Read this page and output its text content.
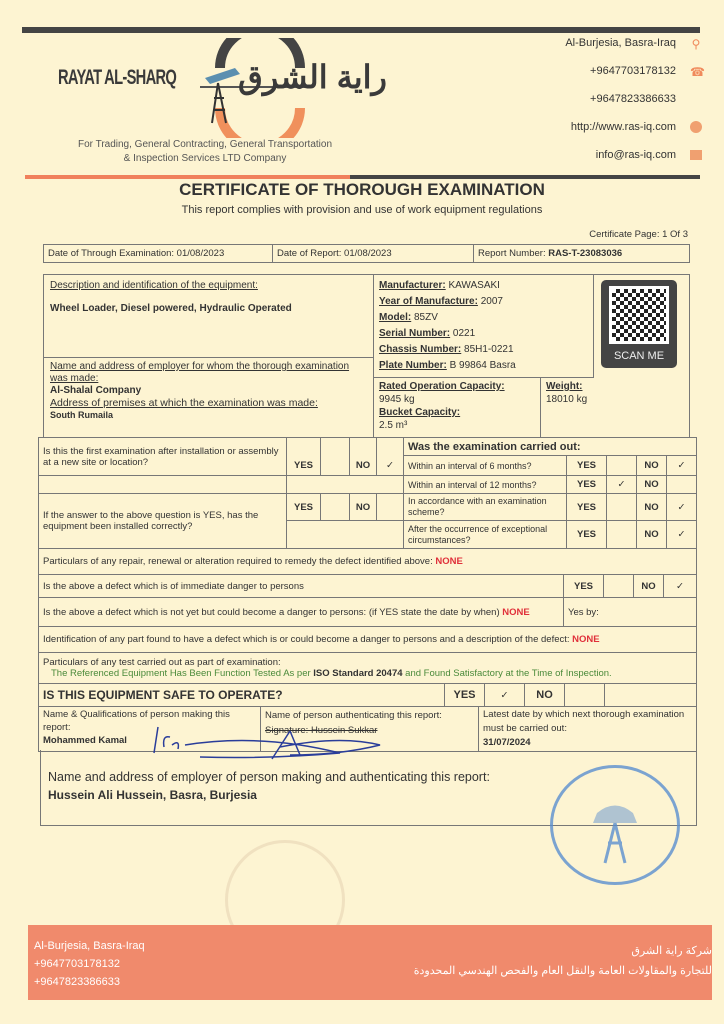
RAYAT AL-SHARQ راية الشرق
For Trading, General Contracting, General Transportation
& Inspection Services LTD Company
Al-Burjesia, Basra-Iraq
+9647703178132
+9647823386633
http://www.ras-iq.com
info@ras-iq.com
⚲
☎
CERTIFICATE OF THOROUGH EXAMINATION
This report complies with provision and use of work equipment regulations
Certificate Page: 1 Of 3
Date of Through Examination: 01/08/2023	Date of Report: 01/08/2023	Report Number: RAS-T-23083036
Description and identification of the equipment:
Wheel Loader, Diesel powered, Hydraulic Operated
Name and address of employer for whom the thorough examination was made:
Al-Shalal Company
Address of premises at which the examination was made:
South Rumaila
Manufacturer: KAWASAKI
Year of Manufacture: 2007
Model: 85ZV
Serial Number: 0221
Chassis Number: 85H1-0221
Plate Number: B 99864 Basra
Rated Operation Capacity:
9945 kg
Bucket Capacity:
2.5 m³
Weight:
18010 kg
SCAN ME
Is this the first examination after installation or assembly at a new site or location?					Was the examination carried out:				
	YES		NO	✓	Within an interval of 6 months?	YES		NO	✓
					Within an interval of 12 months?	YES	✓	NO	
If the answer to the above question is YES, has the equipment been installed correctly?	YES		NO		In accordance with an examination scheme?	YES		NO	✓
					After the occurrence of exceptional circumstances?	YES		NO	✓
Particulars of any repair, renewal or alteration required to remedy the defect identified above: NONE				
Is the above a defect which is of immediate danger to persons	YES		NO	✓
Is the above a defect which is not yet but could become a danger to persons: (if YES state the date by when) NONE	Yes by:			
Identification of any part found to have a defect which is or could become a danger to persons and a description of the defect: NONE				

Particulars of any test carried out as part of examination:
The Referenced Equipment Has Been Function Tested As per ISO Standard 20474 and Found Satisfactory at the Time of Inspection.				
IS THIS EQUIPMENT SAFE TO OPERATE?	YES	✓	NO		
Name & Qualifications of person making this report:
Mohammed Kamal

Name of person authenticating this report:
Signature: Hussein Sukkar

Latest date by which next thorough examination must be carried out:
31/07/2024
Name and address of employer of person making and authenticating this report:
Hussein Ali Hussein, Basra, Burjesia
Al-Burjesia, Basra-Iraq
+9647703178132
+9647823386633
شركة راية الشرق
للتجارة والمقاولات العامة والنقل العام والفحص الهندسي المحدودة
